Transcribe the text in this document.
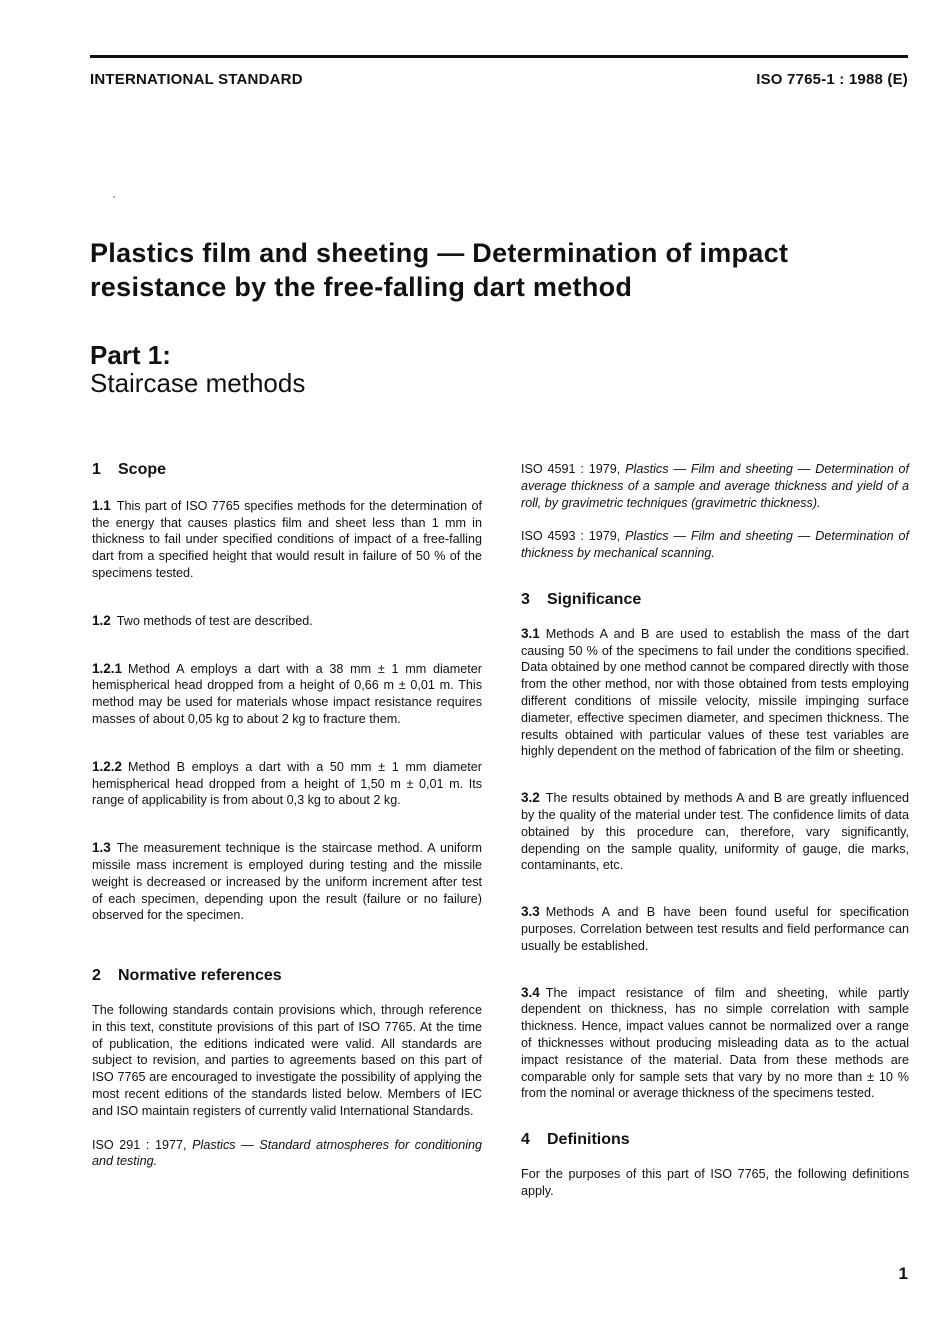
INTERNATIONAL STANDARD	ISO 7765-1 : 1988 (E)
Plastics film and sheeting — Determination of impact
resistance by the free-falling dart method
Part 1:
Staircase methods
1 Scope

1.1 This part of ISO 7765 specifies methods for the determination of the energy that causes plastics film and sheet less than 1 mm in thickness to fail under specified conditions of impact of a free-falling dart from a specified height that would result in failure of 50 % of the specimens tested.

1.2 Two methods of test are described.

1.2.1 Method A employs a dart with a 38 mm ± 1 mm diameter hemispherical head dropped from a height of 0,66 m ± 0,01 m. This method may be used for materials whose impact resistance requires masses of about 0,05 kg to about 2 kg to fracture them.

1.2.2 Method B employs a dart with a 50 mm ± 1 mm diameter hemispherical head dropped from a height of 1,50 m ± 0,01 m. Its range of applicability is from about 0,3 kg to about 2 kg.

1.3 The measurement technique is the staircase method. A uniform missile mass increment is employed during testing and the missile weight is decreased or increased by the uniform increment after test of each specimen, depending upon the result (failure or no failure) observed for the specimen.

2 Normative references

The following standards contain provisions which, through reference in this text, constitute provisions of this part of ISO 7765. At the time of publication, the editions indicated were valid. All standards are subject to revision, and parties to agreements based on this part of ISO 7765 are encouraged to investigate the possibility of applying the most recent editions of the standards listed below. Members of IEC and ISO maintain registers of currently valid International Standards.

ISO 291 : 1977, Plastics — Standard atmospheres for conditioning and testing.

ISO 4591 : 1979, Plastics — Film and sheeting — Determination of average thickness of a sample and average thickness and yield of a roll, by gravimetric techniques (gravimetric thickness).

ISO 4593 : 1979, Plastics — Film and sheeting — Determination of thickness by mechanical scanning.

3 Significance

3.1 Methods A and B are used to establish the mass of the dart causing 50 % of the specimens to fail under the conditions specified. Data obtained by one method cannot be compared directly with those from the other method, nor with those obtained from tests employing different conditions of missile velocity, missile impinging surface diameter, effective specimen diameter, and specimen thickness. The results obtained with particular values of these test variables are highly dependent on the method of fabrication of the film or sheeting.

3.2 The results obtained by methods A and B are greatly influenced by the quality of the material under test. The confidence limits of data obtained by this procedure can, therefore, vary significantly, depending on the sample quality, uniformity of gauge, die marks, contaminants, etc.

3.3 Methods A and B have been found useful for specification purposes. Correlation between test results and field performance can usually be established.

3.4 The impact resistance of film and sheeting, while partly dependent on thickness, has no simple correlation with sample thickness. Hence, impact values cannot be normalized over a range of thicknesses without producing misleading data as to the actual impact resistance of the material. Data from these methods are comparable only for sample sets that vary by no more than ± 10 % from the nominal or average thickness of the specimens tested.

4 Definitions

For the purposes of this part of ISO 7765, the following definitions apply.

1
